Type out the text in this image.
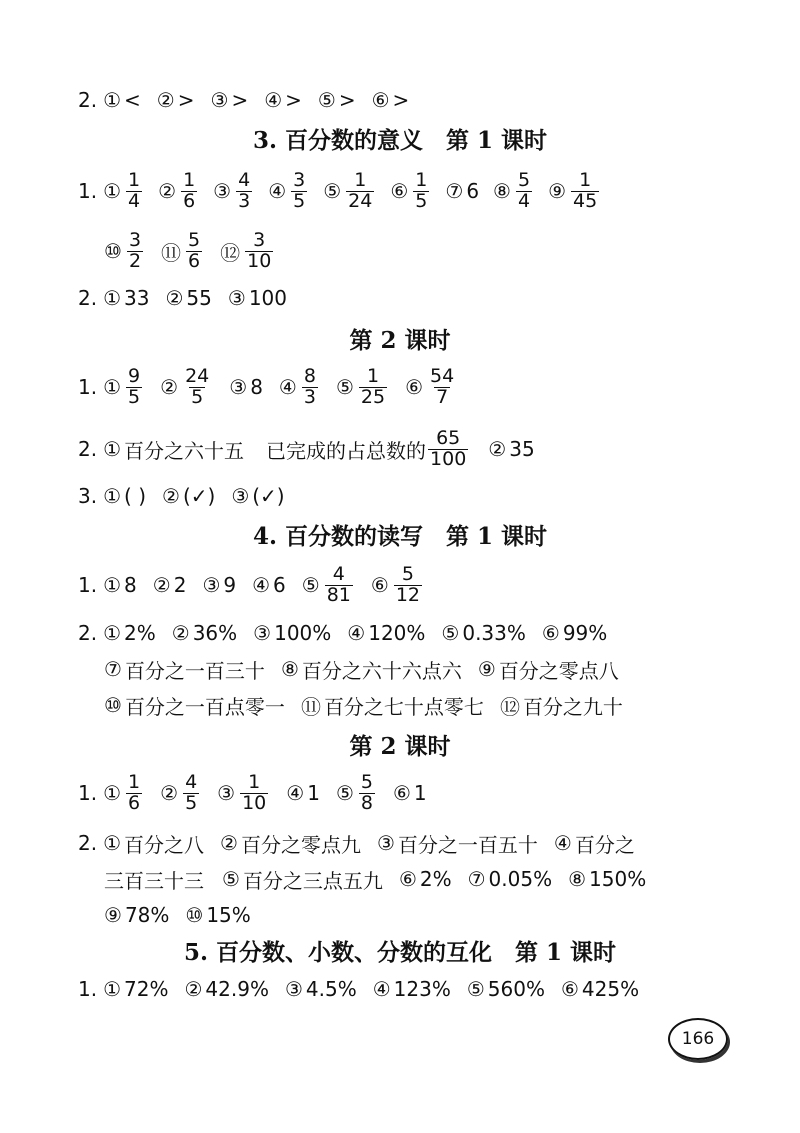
2. ① < ② > ③ > ④ > ⑤ > ⑥ >
3. 百分数的意义　第 1 课时
1. ① $\frac{1}{4}$ ② $\frac{1}{6}$ ③ $\frac{4}{3}$ ④ $\frac{3}{5}$ ⑤ $\frac{1}{24}$ ⑥ $\frac{1}{5}$ ⑦ 6 ⑧ $\frac{5}{4}$ ⑨ $\frac{1}{45}$
⑩ $\frac{3}{2}$ ⑪ $\frac{5}{6}$ ⑫ $\frac{3}{10}$
2. ① 33 ② 55 ③ 100
第 2 课时
1. ① $\frac{9}{5}$ ② $\frac{24}{5}$ ③ 8 ④ $\frac{8}{3}$ ⑤ $\frac{1}{25}$ ⑥ $\frac{54}{7}$
2. ① 百分之六十五 已完成的占总数的 $\frac{65}{100}$ ② 35
3. ① ( ) ② (✓) ③ (✓)
4. 百分数的读写　第 1 课时
1. ① 8 ② 2 ③ 9 ④ 6 ⑤ $\frac{4}{81}$ ⑥ $\frac{5}{12}$
2. ① 2% ② 36% ③ 100% ④ 120% ⑤ 0.33% ⑥ 99%
⑦ 百分之一百三十 ⑧ 百分之六十六点六 ⑨ 百分之零点八
⑩ 百分之一百点零一 ⑪ 百分之七十点零七 ⑫ 百分之九十
第 2 课时
1. ① $\frac{1}{6}$ ② $\frac{4}{5}$ ③ $\frac{1}{10}$ ④ 1 ⑤ $\frac{5}{8}$ ⑥ 1
2. ① 百分之八 ② 百分之零点九 ③ 百分之一百五十 ④ 百分之
三百三十三 ⑤ 百分之三点五九 ⑥ 2% ⑦ 0.05% ⑧ 150%
⑨ 78% ⑩ 15%
5. 百分数、小数、分数的互化　第 1 课时
1. ① 72% ② 42.9% ③ 4.5% ④ 123% ⑤ 560% ⑥ 425%
166
